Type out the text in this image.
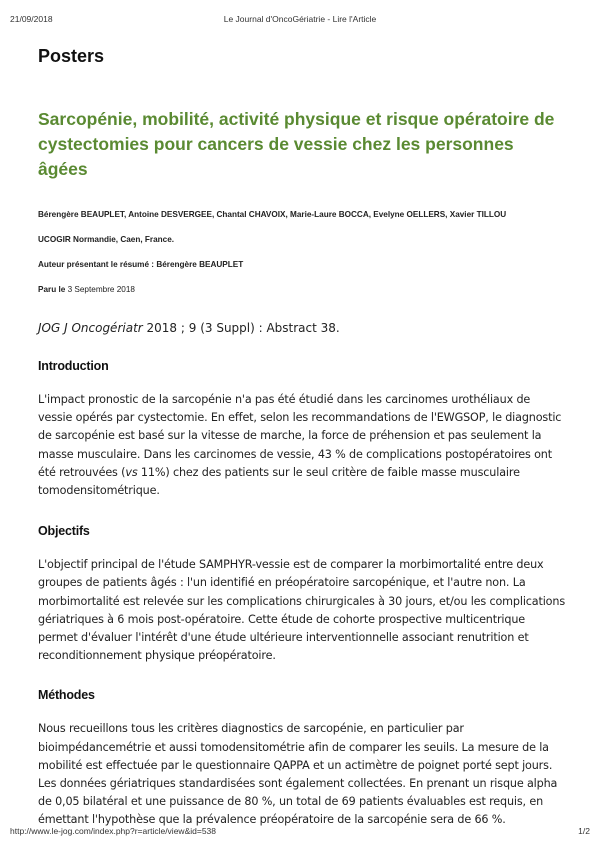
21/09/2018	Le Journal d'OncoGériatrie - Lire l'Article
Posters
Sarcopénie, mobilité, activité physique et risque opératoire de cystectomies pour cancers de vessie chez les personnes âgées
Bérengère BEAUPLET, Antoine DESVERGEE, Chantal CHAVOIX, Marie-Laure BOCCA, Evelyne OELLERS, Xavier TILLOU
UCOGIR Normandie, Caen, France.
Auteur présentant le résumé : Bérengère BEAUPLET
Paru le 3 Septembre 2018
JOG J Oncogériatr 2018 ; 9 (3 Suppl) : Abstract 38.
Introduction

L'impact pronostic de la sarcopénie n'a pas été étudié dans les carcinomes urothéliaux de vessie opérés par cystectomie. En effet, selon les recommandations de l'EWGSOP, le diagnostic de sarcopénie est basé sur la vitesse de marche, la force de préhension et pas seulement la masse musculaire. Dans les carcinomes de vessie, 43 % de complications postopératoires ont été retrouvées (vs 11%) chez des patients sur le seul critère de faible masse musculaire tomodensitométrique.

Objectifs

L'objectif principal de l'étude SAMPHYR-vessie est de comparer la morbimortalité entre deux groupes de patients âgés : l'un identifié en préopératoire sarcopénique, et l'autre non. La morbimortalité est relevée sur les complications chirurgicales à 30 jours, et/ou les complications gériatriques à 6 mois post-opératoire. Cette étude de cohorte prospective multicentrique permet d'évaluer l'intérêt d'une étude ultérieure interventionnelle associant renutrition et reconditionnement physique préopératoire.

Méthodes

Nous recueillons tous les critères diagnostics de sarcopénie, en particulier par bioimpédancemétrie et aussi tomodensitométrie afin de comparer les seuils. La mesure de la mobilité est effectuée par le questionnaire QAPPA et un actimètre de poignet porté sept jours. Les données gériatriques standardisées sont également collectées. En prenant un risque alpha de 0,05 bilatéral et une puissance de 80 %, un total de 69 patients évaluables est requis, en émettant l'hypothèse que la prévalence préopératoire de la sarcopénie sera de 66 %.

http://www.le-jog.com/index.php?r=article/view&id=538	1/2
